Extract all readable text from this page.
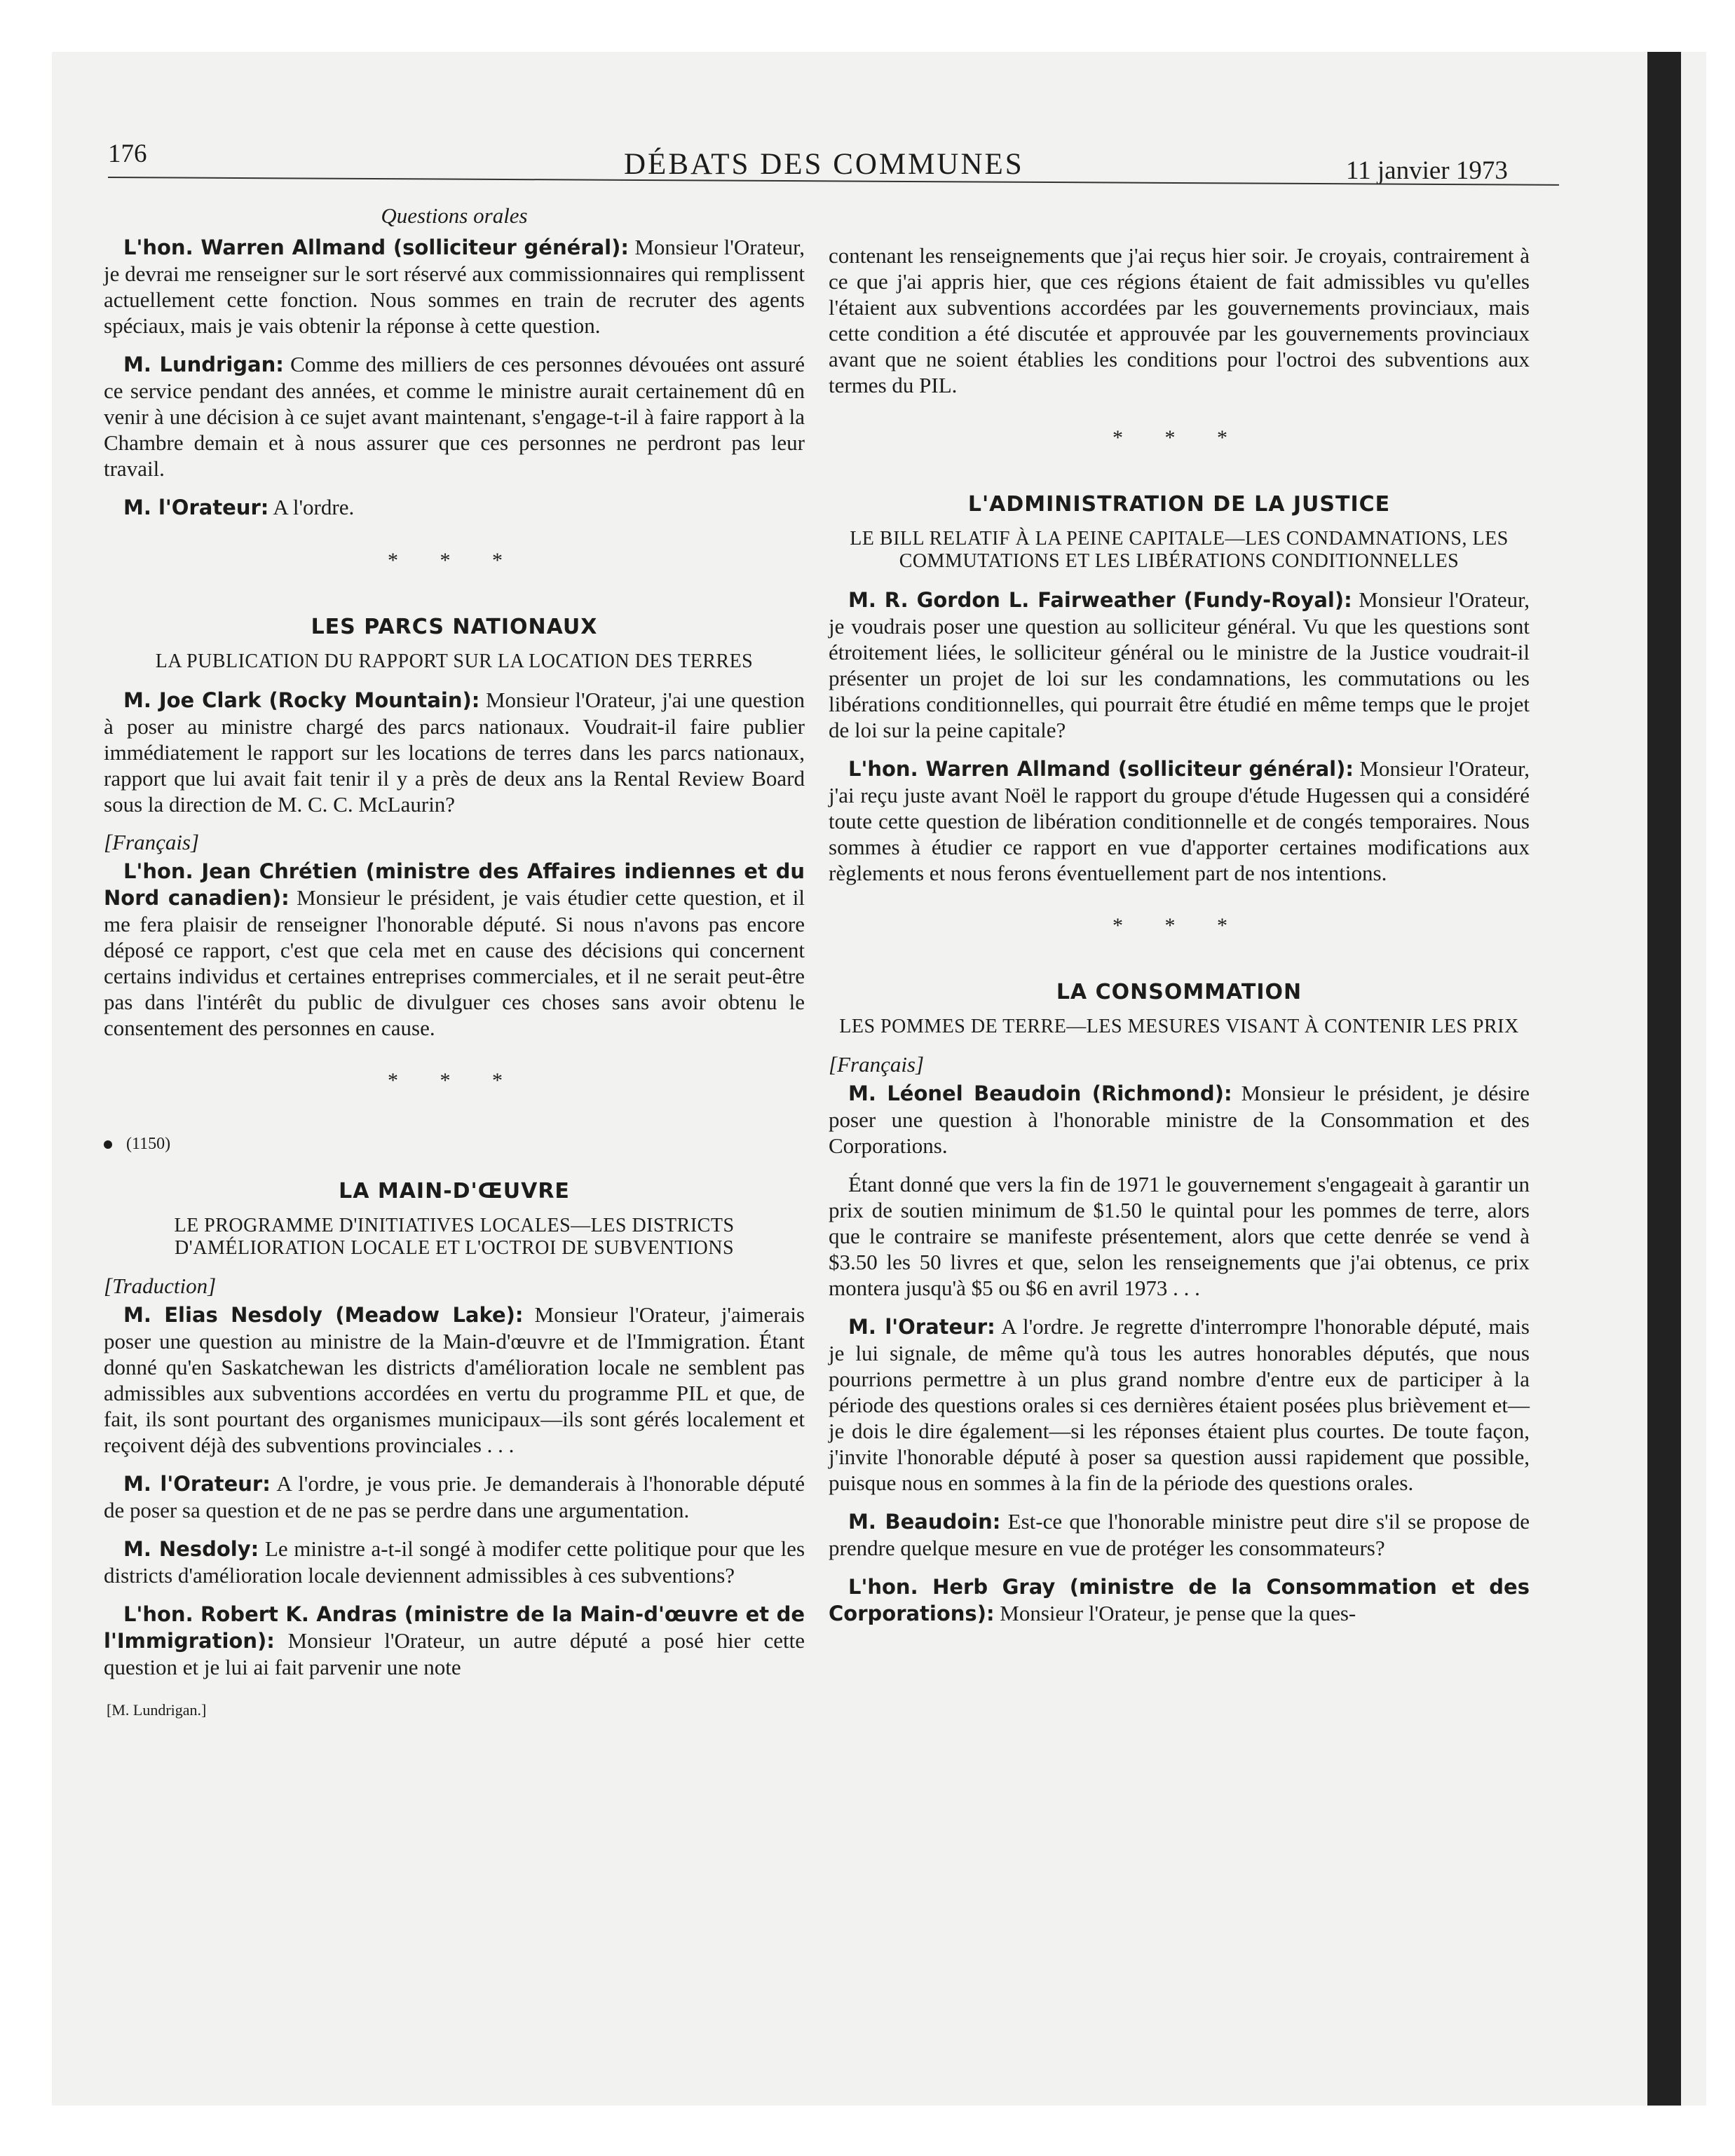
176	DÉBATS DES COMMUNES	11 janvier 1973
Questions orales

L'hon. Warren Allmand (solliciteur général): Monsieur l'Orateur, je devrai me renseigner sur le sort réservé aux commissionnaires qui remplissent actuellement cette fonction. Nous sommes en train de recruter des agents spéciaux, mais je vais obtenir la réponse à cette question.

M. Lundrigan: Comme des milliers de ces personnes dévouées ont assuré ce service pendant des années, et comme le ministre aurait certainement dû en venir à une décision à ce sujet avant maintenant, s'engage-t-il à faire rapport à la Chambre demain et à nous assurer que ces personnes ne perdront pas leur travail.

M. l'Orateur: A l'ordre.

* * *
LES PARCS NATIONAUX
LA PUBLICATION DU RAPPORT SUR LA LOCATION DES TERRES

M. Joe Clark (Rocky Mountain): Monsieur l'Orateur, j'ai une question à poser au ministre chargé des parcs nationaux. Voudrait-il faire publier immédiatement le rapport sur les locations de terres dans les parcs nationaux, rapport que lui avait fait tenir il y a près de deux ans la Rental Review Board sous la direction de M. C. C. McLaurin?

[Français]

L'hon. Jean Chrétien (ministre des Affaires indiennes et du Nord canadien): Monsieur le président, je vais étudier cette question, et il me fera plaisir de renseigner l'honorable député. Si nous n'avons pas encore déposé ce rapport, c'est que cela met en cause des décisions qui concernent certains individus et certaines entreprises commerciales, et il ne serait peut-être pas dans l'intérêt du public de divulguer ces choses sans avoir obtenu le consentement des personnes en cause.

* * *
(1150)
LA MAIN-D'ŒUVRE
LE PROGRAMME D'INITIATIVES LOCALES—LES DISTRICTS D'AMÉLIORATION LOCALE ET L'OCTROI DE SUBVENTIONS
[Traduction]

M. Elias Nesdoly (Meadow Lake): Monsieur l'Orateur, j'aimerais poser une question au ministre de la Main-d'œuvre et de l'Immigration. Étant donné qu'en Saskatchewan les districts d'amélioration locale ne semblent pas admissibles aux subventions accordées en vertu du programme PIL et que, de fait, ils sont pourtant des organismes municipaux—ils sont gérés localement et reçoivent déjà des subventions provinciales . . .

M. l'Orateur: A l'ordre, je vous prie. Je demanderais à l'honorable député de poser sa question et de ne pas se perdre dans une argumentation.

M. Nesdoly: Le ministre a-t-il songé à modifer cette politique pour que les districts d'amélioration locale deviennent admissibles à ces subventions?

L'hon. Robert K. Andras (ministre de la Main-d'œuvre et de l'Immigration): Monsieur l'Orateur, un autre député a posé hier cette question et je lui ai fait parvenir une note

[M. Lundrigan.]

contenant les renseignements que j'ai reçus hier soir. Je croyais, contrairement à ce que j'ai appris hier, que ces régions étaient de fait admissibles vu qu'elles l'étaient aux subventions accordées par les gouvernements provinciaux, mais cette condition a été discutée et approuvée par les gouvernements provinciaux avant que ne soient établies les conditions pour l'octroi des subventions aux termes du PIL.

* * *
L'ADMINISTRATION DE LA JUSTICE
LE BILL RELATIF À LA PEINE CAPITALE—LES CONDAMNATIONS, LES COMMUTATIONS ET LES LIBÉRATIONS CONDITIONNELLES

M. R. Gordon L. Fairweather (Fundy-Royal): Monsieur l'Orateur, je voudrais poser une question au solliciteur général. Vu que les questions sont étroitement liées, le solliciteur général ou le ministre de la Justice voudrait-il présenter un projet de loi sur les condamnations, les commutations ou les libérations conditionnelles, qui pourrait être étudié en même temps que le projet de loi sur la peine capitale?

L'hon. Warren Allmand (solliciteur général): Monsieur l'Orateur, j'ai reçu juste avant Noël le rapport du groupe d'étude Hugessen qui a considéré toute cette question de libération conditionnelle et de congés temporaires. Nous sommes à étudier ce rapport en vue d'apporter certaines modifications aux règlements et nous ferons éventuellement part de nos intentions.

* * *
LA CONSOMMATION
LES POMMES DE TERRE—LES MESURES VISANT À CONTENIR LES PRIX
[Français]

M. Léonel Beaudoin (Richmond): Monsieur le président, je désire poser une question à l'honorable ministre de la Consommation et des Corporations.

Étant donné que vers la fin de 1971 le gouvernement s'engageait à garantir un prix de soutien minimum de $1.50 le quintal pour les pommes de terre, alors que le contraire se manifeste présentement, alors que cette denrée se vend à $3.50 les 50 livres et que, selon les renseignements que j'ai obtenus, ce prix montera jusqu'à $5 ou $6 en avril 1973 . . .

M. l'Orateur: A l'ordre. Je regrette d'interrompre l'honorable député, mais je lui signale, de même qu'à tous les autres honorables députés, que nous pourrions permettre à un plus grand nombre d'entre eux de participer à la période des questions orales si ces dernières étaient posées plus brièvement et—je dois le dire également—si les réponses étaient plus courtes. De toute façon, j'invite l'honorable député à poser sa question aussi rapidement que possible, puisque nous en sommes à la fin de la période des questions orales.

M. Beaudoin: Est-ce que l'honorable ministre peut dire s'il se propose de prendre quelque mesure en vue de protéger les consommateurs?

L'hon. Herb Gray (ministre de la Consommation et des Corporations): Monsieur l'Orateur, je pense que la ques-
